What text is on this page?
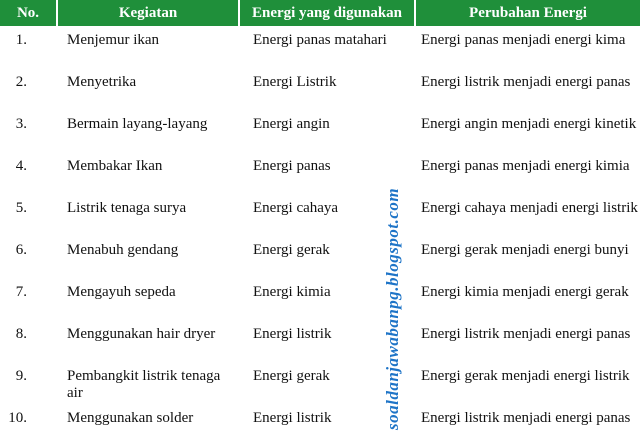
No.	Kegiatan	Energi yang digunakan	Perubahan Energi
1.	Menjemur ikan	Energi panas matahari	Energi panas menjadi energi kima
2.	Menyetrika	Energi Listrik	Energi listrik menjadi energi panas
3.	Bermain layang-layang	Energi angin	Energi angin menjadi energi kinetik
4.	Membakar Ikan	Energi panas	Energi panas menjadi energi kimia
5.	Listrik tenaga surya	Energi cahaya	Energi cahaya menjadi energi listrik
6.	Menabuh gendang	Energi gerak	Energi gerak menjadi energi bunyi
7.	Mengayuh sepeda	Energi kimia	Energi kimia menjadi energi gerak
8.	Menggunakan hair dryer	Energi listrik	Energi listrik menjadi energi panas
9.	Pembangkit listrik tenaga air	Energi gerak	Energi gerak menjadi energi listrik
10.	Menggunakan solder	Energi listrik	Energi listrik menjadi energi panas
soaldanjawabanpg.blogspot.com
